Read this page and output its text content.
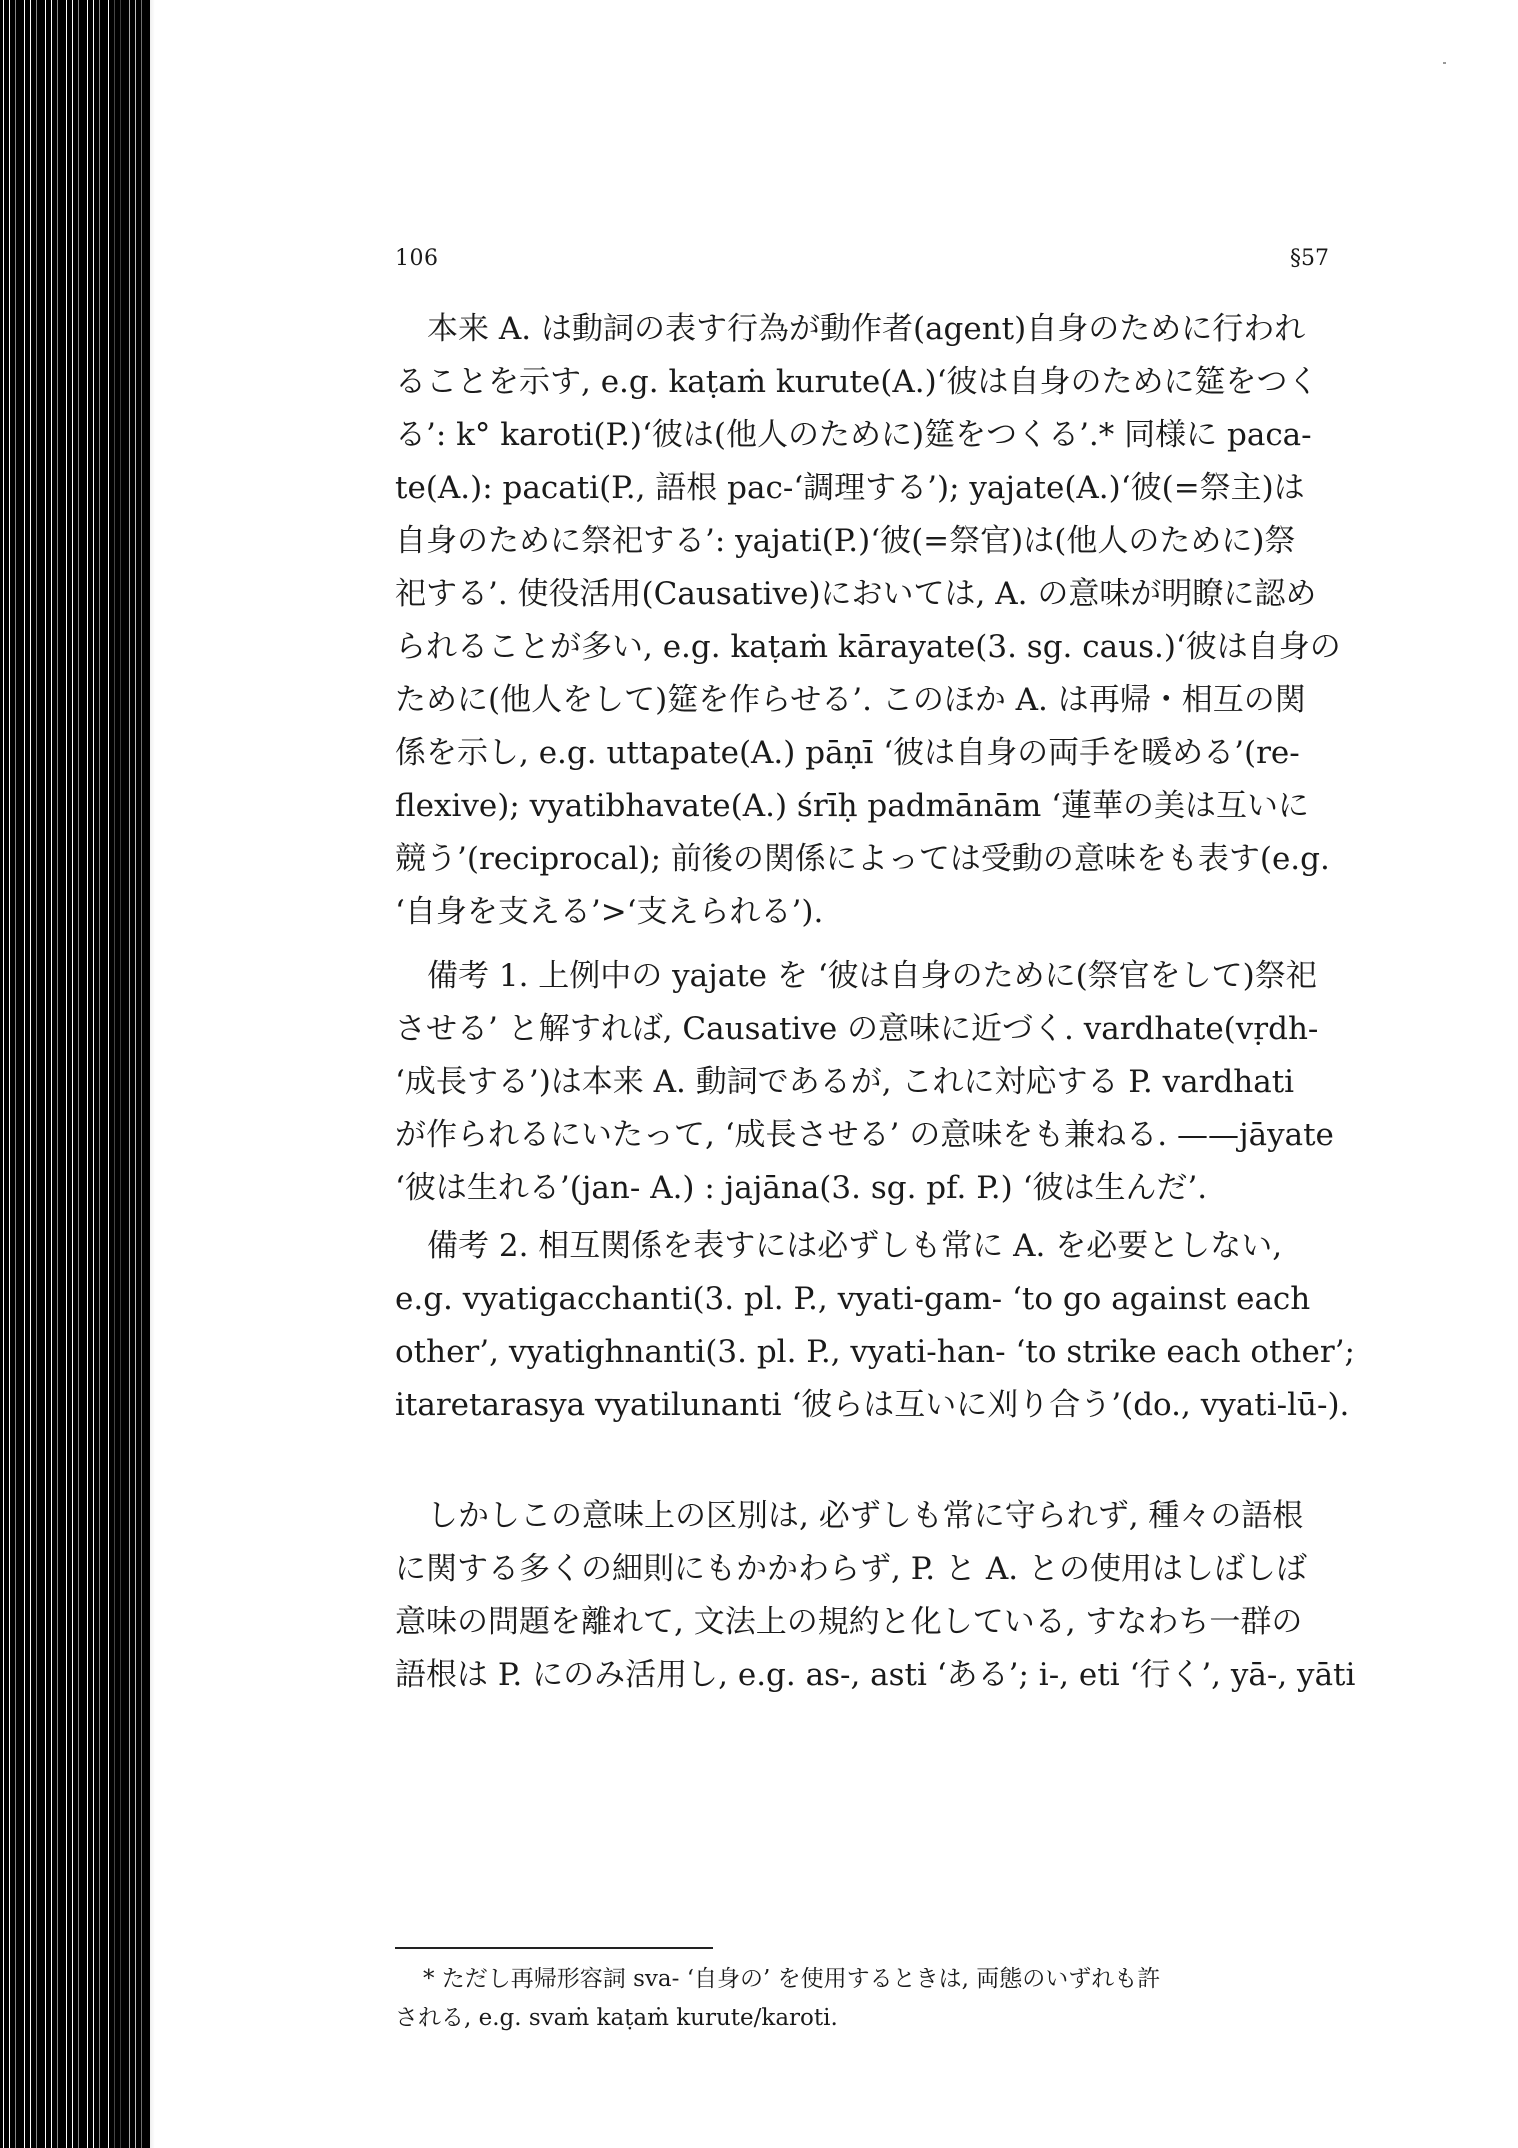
106	§57
本来 A. は動詞の表す行為が動作者(agent)自身のために行われ
ることを示す, e.g. kaṭaṁ kurute(A.)‘彼は自身のために筵をつく
る’: k° karoti(P.)‘彼は(他人のために)筵をつくる’.* 同様に paca-
te(A.): pacati(P., 語根 pac-‘調理する’); yajate(A.)‘彼(=祭主)は
自身のために祭祀する’: yajati(P.)‘彼(=祭官)は(他人のために)祭
祀する’. 使役活用(Causative)においては, A. の意味が明瞭に認め
られることが多い, e.g. kaṭaṁ kārayate(3. sg. caus.)‘彼は自身の
ために(他人をして)筵を作らせる’. このほか A. は再帰・相互の関
係を示し, e.g. uttapate(A.) pāṇī ‘彼は自身の両手を暖める’(re-
flexive); vyatibhavate(A.) śrīḥ padmānām ‘蓮華の美は互いに
競う’(reciprocal); 前後の関係によっては受動の意味をも表す(e.g.
‘自身を支える’>‘支えられる’).
備考 1. 上例中の yajate を ‘彼は自身のために(祭官をして)祭祀
させる’ と解すれば, Causative の意味に近づく. vardhate(vṛdh-
‘成長する’)は本来 A. 動詞であるが, これに対応する P. vardhati
が作られるにいたって, ‘成長させる’ の意味をも兼ねる. ——jāyate
‘彼は生れる’(jan- A.) : jajāna(3. sg. pf. P.) ‘彼は生んだ’.
備考 2. 相互関係を表すには必ずしも常に A. を必要としない,
e.g. vyatigacchanti(3. pl. P., vyati-gam- ‘to go against each
other’, vyatighnanti(3. pl. P., vyati-han- ‘to strike each other’;
itaretarasya vyatilunanti ‘彼らは互いに刈り合う’(do., vyati-lū-).
しかしこの意味上の区別は, 必ずしも常に守られず, 種々の語根
に関する多くの細則にもかかわらず, P. と A. との使用はしばしば
意味の問題を離れて, 文法上の規約と化している, すなわち一群の
語根は P. にのみ活用し, e.g. as-, asti ‘ある’; i-, eti ‘行く’, yā-, yāti
* ただし再帰形容詞 sva- ‘自身の’ を使用するときは, 両態のいずれも許
される, e.g. svaṁ kaṭaṁ kurute/karoti.
